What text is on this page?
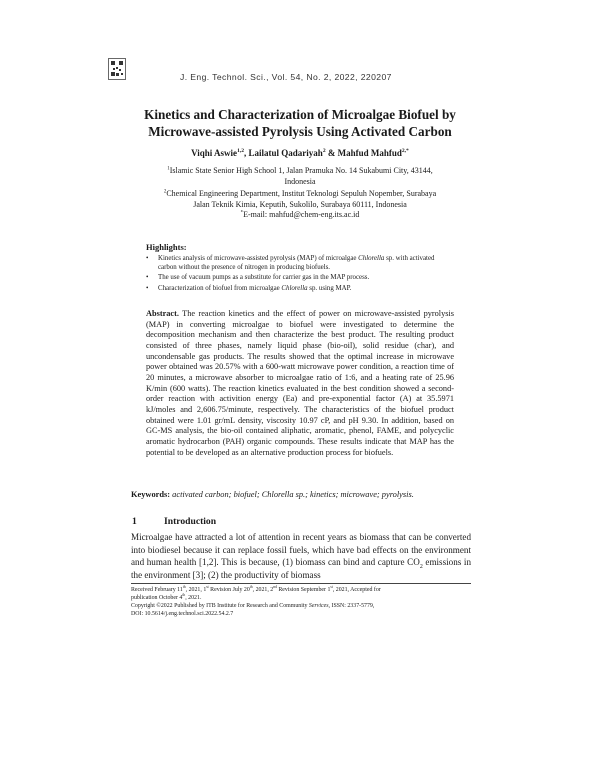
J. Eng. Technol. Sci., Vol. 54, No. 2, 2022, 220207
Kinetics and Characterization of Microalgae Biofuel by
Microwave-assisted Pyrolysis Using Activated Carbon
Viqhi Aswie$^{1,2}$, Lailatul Qadariyah$^2$ & Mahfud Mahfud$^{2,*}$
$^1$Islamic State Senior High School 1, Jalan Pramuka No. 14 Sukabumi City, 43144,
Indonesia
$^2$Chemical Engineering Department, Institut Teknologi Sepuluh Nopember, Surabaya
Jalan Teknik Kimia, Keputih, Sukolilo, Surabaya 60111, Indonesia
*E-mail: mahfud@chem-eng.its.ac.id
Highlights:
• Kinetics analysis of microwave-assisted pyrolysis (MAP) of microalgae Chlorella sp. with activated carbon without the presence of nitrogen in producing biofuels.
• The use of vacuum pumps as a substitute for carrier gas in the MAP process.
• Characterization of biofuel from microalgae Chlorella sp. using MAP.

Abstract. The reaction kinetics and the effect of power on microwave-assisted pyrolysis (MAP) in converting microalgae to biofuel were investigated to determine the decomposition mechanism and then characterize the best product. The resulting product consisted of three phases, namely liquid phase (bio-oil), solid residue (char), and uncondensable gas products. The results showed that the optimal increase in microwave power obtained was 20.57% with a 600-watt microwave power condition, a reaction time of 20 minutes, a microwave absorber to microalgae ratio of 1:6, and a heating rate of 25.96 K/min (600 watts). The reaction kinetics evaluated in the best condition showed a second-order reaction with activition energy (Ea) and pre-exponential factor (A) at 35.5971 kJ/moles and 2,606.75/minute, respectively. The characteristics of the biofuel product obtained were 1.01 gr/mL density, viscosity 10.97 cP, and pH 9.30. In addition, based on GC-MS analysis, the bio-oil contained aliphatic, aromatic, phenol, FAME, and polycyclic aromatic hydrocarbon (PAH) organic compounds. These results indicate that MAP has the potential to be developed as an alternative production process for biofuels.

Keywords: activated carbon; biofuel; Chlorella sp.; kinetics; microwave; pyrolysis.
1	Introduction

Microalgae have attracted a lot of attention in recent years as biomass that can be converted into biodiesel because it can replace fossil fuels, which have bad effects on the environment and human health [1,2]. This is because, (1) biomass can bind and capture $CO_2$ emissions in the environment [3]; (2) the productivity of biomass

Received February 11th, 2021, 1st Revision July 20th, 2021, 2nd Revision September 1st, 2021, Accepted for
publication October 4th, 2021.
Copyright ©2022 Published by ITB Institute for Research and Community Services, ISSN: 2337-5779,
DOI: 10.5614/j.eng.technol.sci.2022.54.2.7
